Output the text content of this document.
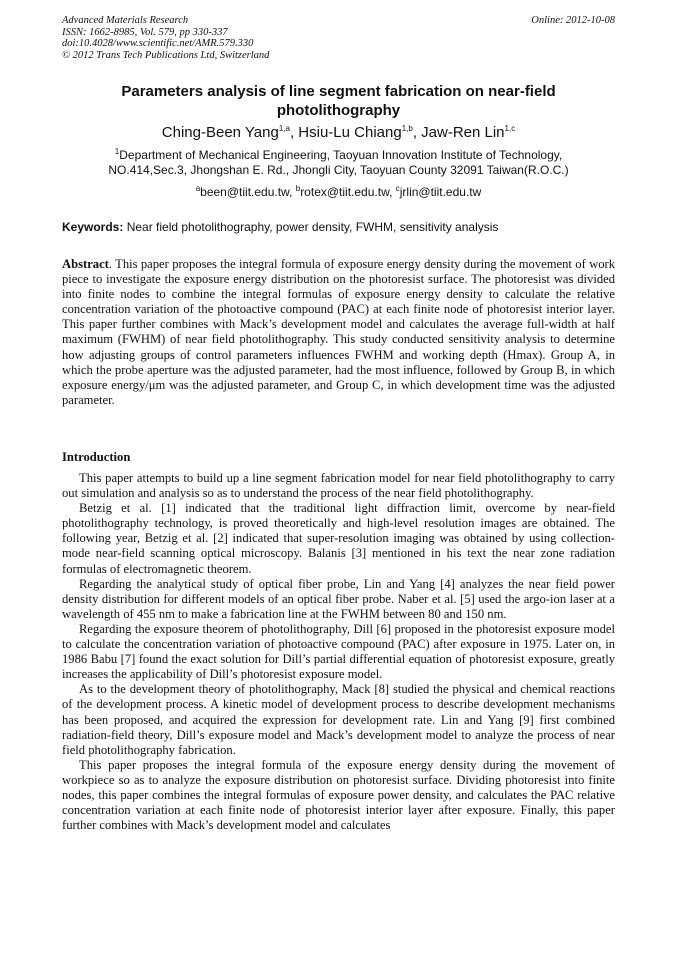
Advanced Materials Research
ISSN: 1662-8985, Vol. 579, pp 330-337
doi:10.4028/www.scientific.net/AMR.579.330
© 2012 Trans Tech Publications Ltd, Switzerland
Online: 2012-10-08
Parameters analysis of line segment fabrication on near-field photolithography
Ching-Been Yang$^{1,a}$, Hsiu-Lu Chiang$^{1,b}$, Jaw-Ren Lin$^{1,c}$
$^1$Department of Mechanical Engineering, Taoyuan Innovation Institute of Technology,
NO.414,Sec.3, Jhongshan E. Rd., Jhongli City, Taoyuan County 32091 Taiwan(R.O.C.)
$^a$been@tiit.edu.tw, $^b$rotex@tiit.edu.tw, $^c$jrlin@tiit.edu.tw
Keywords: Near field photolithography, power density, FWHM, sensitivity analysis
Abstract. This paper proposes the integral formula of exposure energy density during the movement of work piece to investigate the exposure energy distribution on the photoresist surface. The photoresist was divided into finite nodes to combine the integral formulas of exposure energy density to calculate the relative concentration variation of the photoactive compound (PAC) at each finite node of photoresist interior layer. This paper further combines with Mack’s development model and calculates the average full-width at half maximum (FWHM) of near field photolithography. This study conducted sensitivity analysis to determine how adjusting groups of control parameters influences FWHM and working depth (Hmax). Group A, in which the probe aperture was the adjusted parameter, had the most influence, followed by Group B, in which exposure energy/μm was the adjusted parameter, and Group C, in which development time was the adjusted parameter.
Introduction

This paper attempts to build up a line segment fabrication model for near field photolithography to carry out simulation and analysis so as to understand the process of the near field photolithography.

Betzig et al. [1] indicated that the traditional light diffraction limit, overcome by near-field photolithography technology, is proved theoretically and high-level resolution images are obtained. The following year, Betzig et al. [2] indicated that super-resolution imaging was obtained by using collection-mode near-field scanning optical microscopy. Balanis [3] mentioned in his text the near zone radiation formulas of electromagnetic theorem.

Regarding the analytical study of optical fiber probe, Lin and Yang [4] analyzes the near field power density distribution for different models of an optical fiber probe. Naber et al. [5] used the argo-ion laser at a wavelength of 455 nm to make a fabrication line at the FWHM between 80 and 150 nm.

Regarding the exposure theorem of photolithography, Dill [6] proposed in the photoresist exposure model to calculate the concentration variation of photoactive compound (PAC) after exposure in 1975. Later on, in 1986 Babu [7] found the exact solution for Dill’s partial differential equation of photoresist exposure, greatly increases the applicability of Dill’s photoresist exposure model.

As to the development theory of photolithography, Mack [8] studied the physical and chemical reactions of the development process. A kinetic model of development process to describe development mechanisms has been proposed, and acquired the expression for development rate. Lin and Yang [9] first combined radiation-field theory, Dill’s exposure model and Mack’s development model to analyze the process of near field photolithography fabrication.

This paper proposes the integral formula of the exposure energy density during the movement of workpiece so as to analyze the exposure distribution on photoresist surface. Dividing photoresist into finite nodes, this paper combines the integral formulas of exposure power density, and calculates the PAC relative concentration variation at each finite node of photoresist interior layer after exposure. Finally, this paper further combines with Mack’s development model and calculates
